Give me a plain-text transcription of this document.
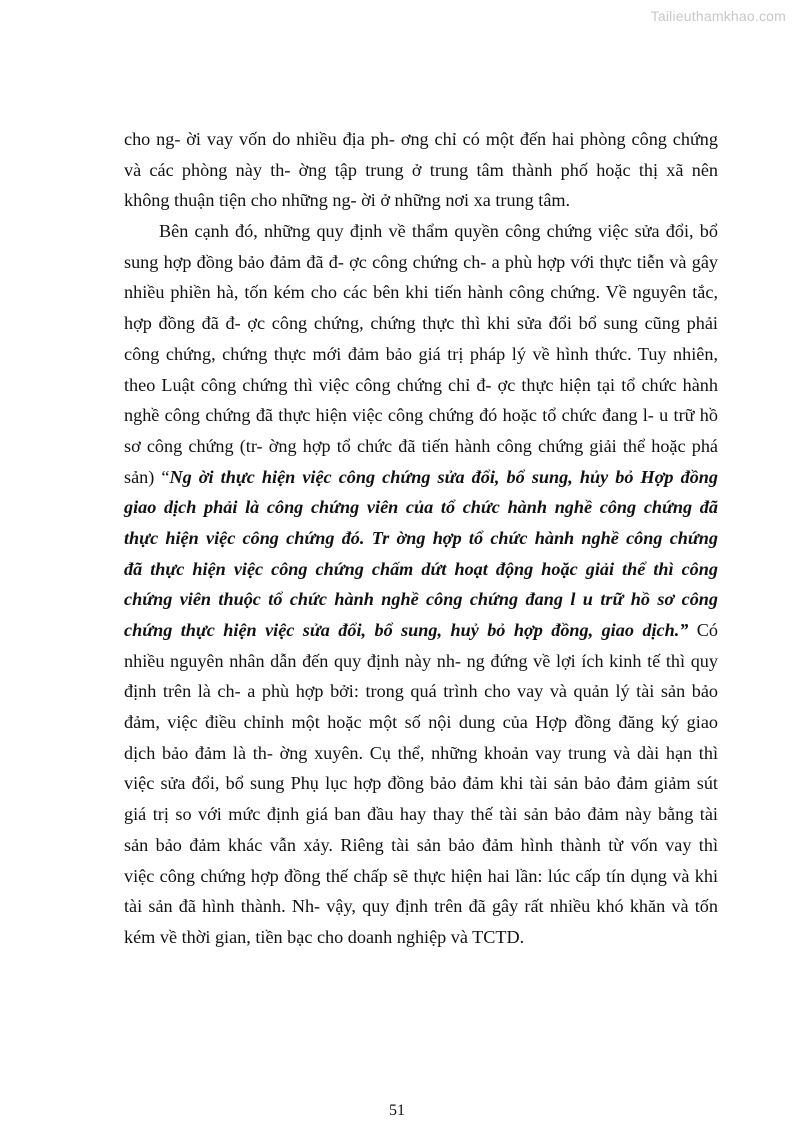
Tailieuthamkhao.com
cho ng- ời vay vốn do nhiều địa ph- ơng chỉ có một đến hai phòng công chứng
và các phòng này th- ờng tập trung ở trung tâm thành phố hoặc thị xã nên
không thuận tiện cho những ng- ời ở những nơi xa trung tâm.
Bên cạnh đó, những quy định về thẩm quyền công chứng việc sửa đổi, bổ
sung hợp đồng bảo đảm đã đ- ợc công chứng ch- a phù hợp với thực tiễn và gây
nhiều phiền hà, tốn kém cho các bên khi tiến hành công chứng. Về nguyên tắc,
hợp đồng đã đ- ợc công chứng, chứng thực thì khi sửa đổi bổ sung cũng phải
công chứng, chứng thực mới đảm bảo giá trị pháp lý về hình thức. Tuy nhiên,
theo Luật công chứng thì việc công chứng chỉ đ- ợc thực hiện tại tổ chức hành
nghề công chứng đã thực hiện việc công chứng đó hoặc tổ chức đang l- u trữ hồ
sơ công chứng (tr- ờng hợp tổ chức đã tiến hành công chứng giải thể hoặc phá
sản) “Ng ời thực hiện việc công chứng sửa đổi, bổ sung, hủy bỏ Hợp đồng
giao dịch phải là công chứng viên của tổ chức hành nghề công chứng đã
thực hiện việc công chứng đó. Tr ờng hợp tổ chức hành nghề công chứng
đã thực hiện việc công chứng chấm dứt hoạt động hoặc giải thể thì công
chứng viên thuộc tổ chức hành nghề công chứng đang l u trữ hồ sơ công
chứng thực hiện việc sửa đổi, bổ sung, huỷ bỏ hợp đồng, giao dịch.” Có
nhiều nguyên nhân dẫn đến quy định này nh- ng đứng về lợi ích kinh tế thì quy
định trên là ch- a phù hợp bởi: trong quá trình cho vay và quản lý tài sản bảo
đảm, việc điều chỉnh một hoặc một số nội dung của Hợp đồng đăng ký giao
dịch bảo đảm là th- ờng xuyên. Cụ thể, những khoản vay trung và dài hạn thì
việc sửa đổi, bổ sung Phụ lục hợp đồng bảo đảm khi tài sản bảo đảm giảm sút
giá trị so với mức định giá ban đầu hay thay thế tài sản bảo đảm này bằng tài
sản bảo đảm khác vẫn xảy. Riêng tài sản bảo đảm hình thành từ vốn vay thì
việc công chứng hợp đồng thế chấp sẽ thực hiện hai lần: lúc cấp tín dụng và khi
tài sản đã hình thành. Nh- vậy, quy định trên đã gây rất nhiều khó khăn và tốn
kém về thời gian, tiền bạc cho doanh nghiệp và TCTD.
51
